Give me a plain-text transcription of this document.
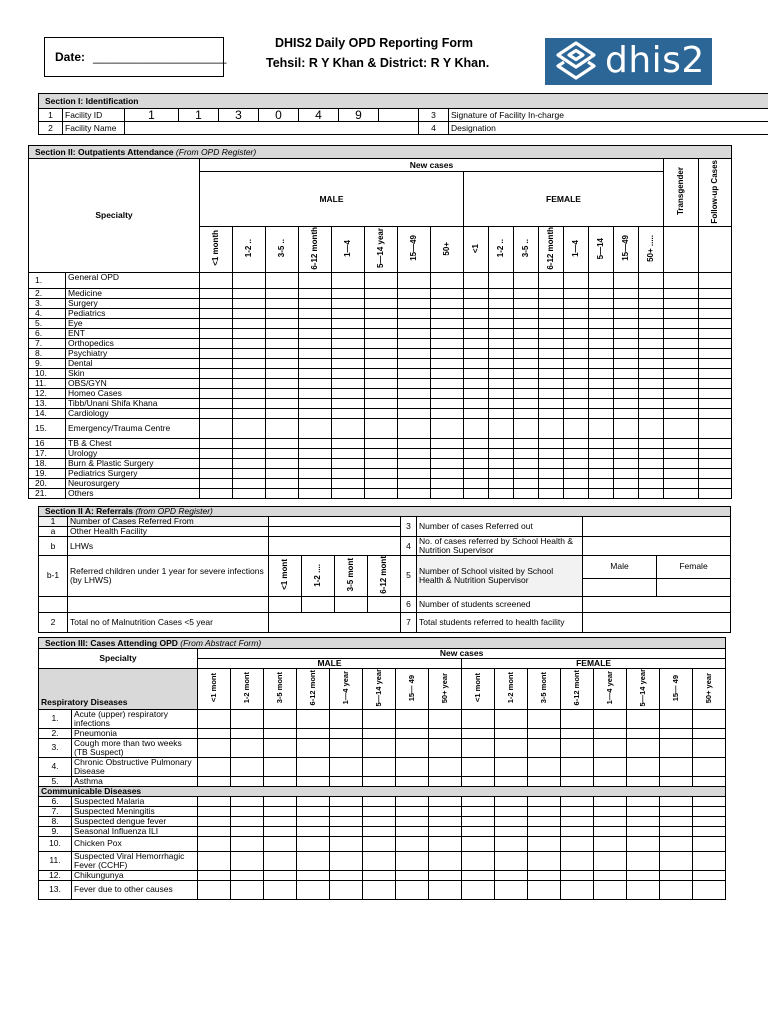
Date: ____________________
DHIS2 Daily OPD Reporting Form
Tehsil: R Y Khan & District: R Y Khan.	dhis2
Section I: Identification										
1	Facility ID	1	1	3	0	4	9		3	Signature of Facility In-charge
2	Facility Name								4	Designation
Section II: Outpatients Attendance (From OPD Register)																			
Specialty		New cases																Transgender	Follow-up Cases
		MALE								FEMALE									
		<1 month	1-2 ..	3-5 ..	6-12 month	1—4	5—14 year	15—49	50+	<1	1-2 ..	3-5 ..	6-12 month	1—4	5—14	15—49	50+ .....		
1.	General OPD																		
2.	Medicine																		
3.	Surgery																		
4.	Pediatrics																		
5.	Eye																		
6.	ENT																		
7.	Orthopedics																		
8.	Psychiatry																		
9.	Dental																		
10.	Skin																		
11.	OBS/GYN																		
12.	Homeo Cases																		
13.	Tibb/Unani Shifa Khana																		
14.	Cardiology																		
15.	Emergency/Trauma Centre																		
16	TB & Chest																		
17.	Urology																		
18.	Burn & Plastic Surgery																		
19.	Pediatrics Surgery																		
20.	Neurosurgery																		
21.	Others																		
Section II A: Referrals (from OPD Register)									
1	Number of Cases Referred From					3	Number of cases Referred out		
a	Other Health Facility								
b	LHWs					4	No. of cases referred by School Health & Nutrition Supervisor		
b-1	Referred children under 1 year for severe infections (by LHWS)	<1 mont	1-2 ....	3-5 mont	6-12 mont	5	Number of School visited by School Health & Nutrition Supervisor	Male	Female

						6	Number of students screened		
2	Total no of Malnutrition Cases <5 year					7	Total students referred to health facility		
Section III: Cases Attending OPD (From Abstract Form)																	
Specialty		New cases															
		MALE								FEMALE							
Respiratory Diseases		<1 mont	1-2 mont	3-5 mont	6-12 mont	1—4 year	5—14 year	15— 49	50+ year	<1 mont	1-2 mont	3-5 mont	6-12 mont	1—4 year	5—14 year	15— 49	50+ year
1.	Acute (upper) respiratory infections																
2.	Pneumonia																
3.	Cough more than two weeks (TB Suspect)																
4.	Chronic Obstructive Pulmonary Disease																
5.	Asthma																
Communicable Diseases																	
6.	Suspected Malaria																
7.	Suspected Meningitis																
8.	Suspected dengue fever																
9.	Seasonal Influenza ILI																
10.	Chicken Pox																
11.	Suspected Viral Hemorrhagic Fever (CCHF)																
12.	Chikungunya																
13.	Fever due to other causes																
